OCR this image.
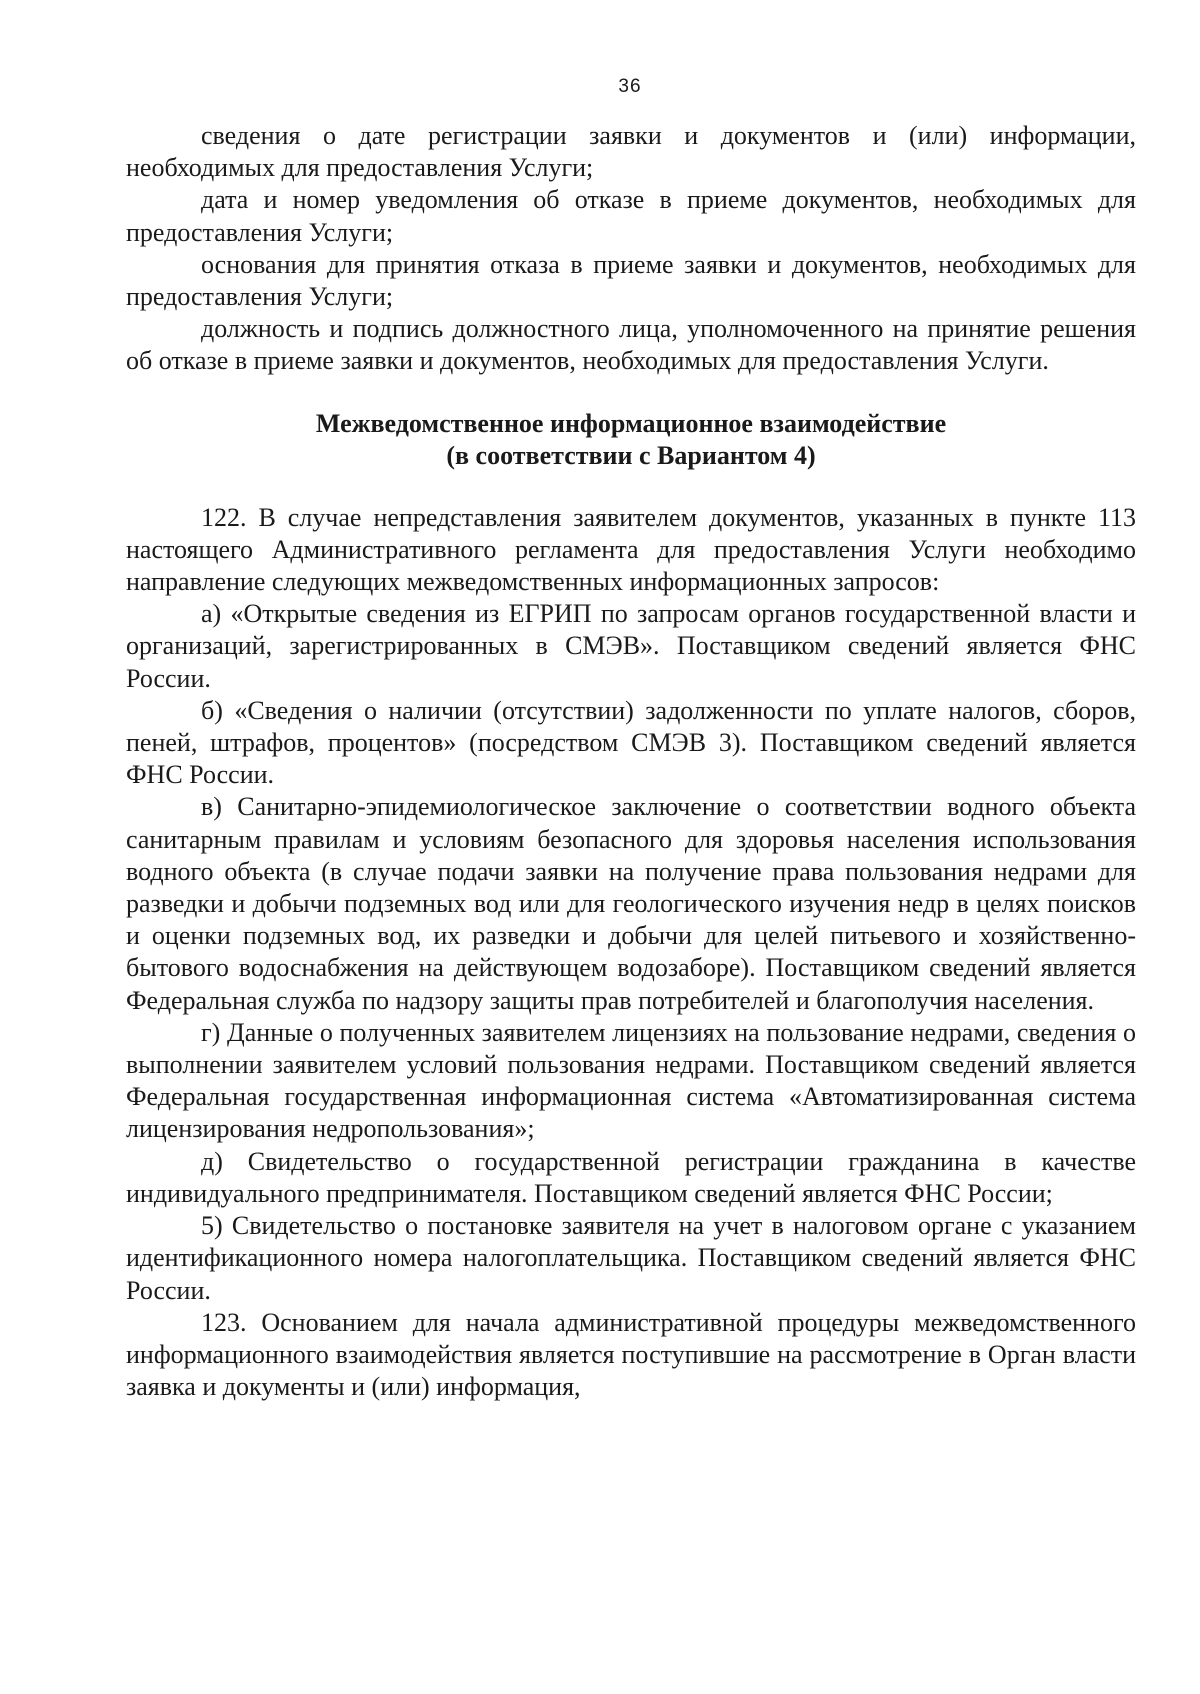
36

сведения о дате регистрации заявки и документов и (или) информации, необходимых для предоставления Услуги;

дата и номер уведомления об отказе в приеме документов, необходимых для предоставления Услуги;

основания для принятия отказа в приеме заявки и документов, необходимых для предоставления Услуги;

должность и подпись должностного лица, уполномоченного на принятие решения об отказе в приеме заявки и документов, необходимых для предоставления Услуги.

Межведомственное информационное взаимодействие

(в соответствии с Вариантом 4)

122. В случае непредставления заявителем документов, указанных в пункте 113 настоящего Административного регламента для предоставления Услуги необходимо направление следующих межведомственных информационных запросов:

а) «Открытые сведения из ЕГРИП по запросам органов государственной власти и организаций, зарегистрированных в СМЭВ». Поставщиком сведений является ФНС России.

б) «Сведения о наличии (отсутствии) задолженности по уплате налогов, сборов, пеней, штрафов, процентов» (посредством СМЭВ 3). Поставщиком сведений является ФНС России.

в) Санитарно-эпидемиологическое заключение о соответствии водного объекта санитарным правилам и условиям безопасного для здоровья населения использования водного объекта (в случае подачи заявки на получение права пользования недрами для разведки и добычи подземных вод или для геологического изучения недр в целях поисков и оценки подземных вод, их разведки и добычи для целей питьевого и хозяйственно-бытового водоснабжения на действующем водозаборе). Поставщиком сведений является Федеральная служба по надзору защиты прав потребителей и благополучия населения.

г) Данные о полученных заявителем лицензиях на пользование недрами, сведения о выполнении заявителем условий пользования недрами. Поставщиком сведений является Федеральная государственная информационная система «Автоматизированная система лицензирования недропользования»;

д) Свидетельство о государственной регистрации гражданина в качестве индивидуального предпринимателя. Поставщиком сведений является ФНС России;

5) Свидетельство о постановке заявителя на учет в налоговом органе с указанием идентификационного номера налогоплательщика. Поставщиком сведений является ФНС России.

123. Основанием для начала административной процедуры межведомственного информационного взаимодействия является поступившие на рассмотрение в Орган власти заявка и документы и (или) информация,
